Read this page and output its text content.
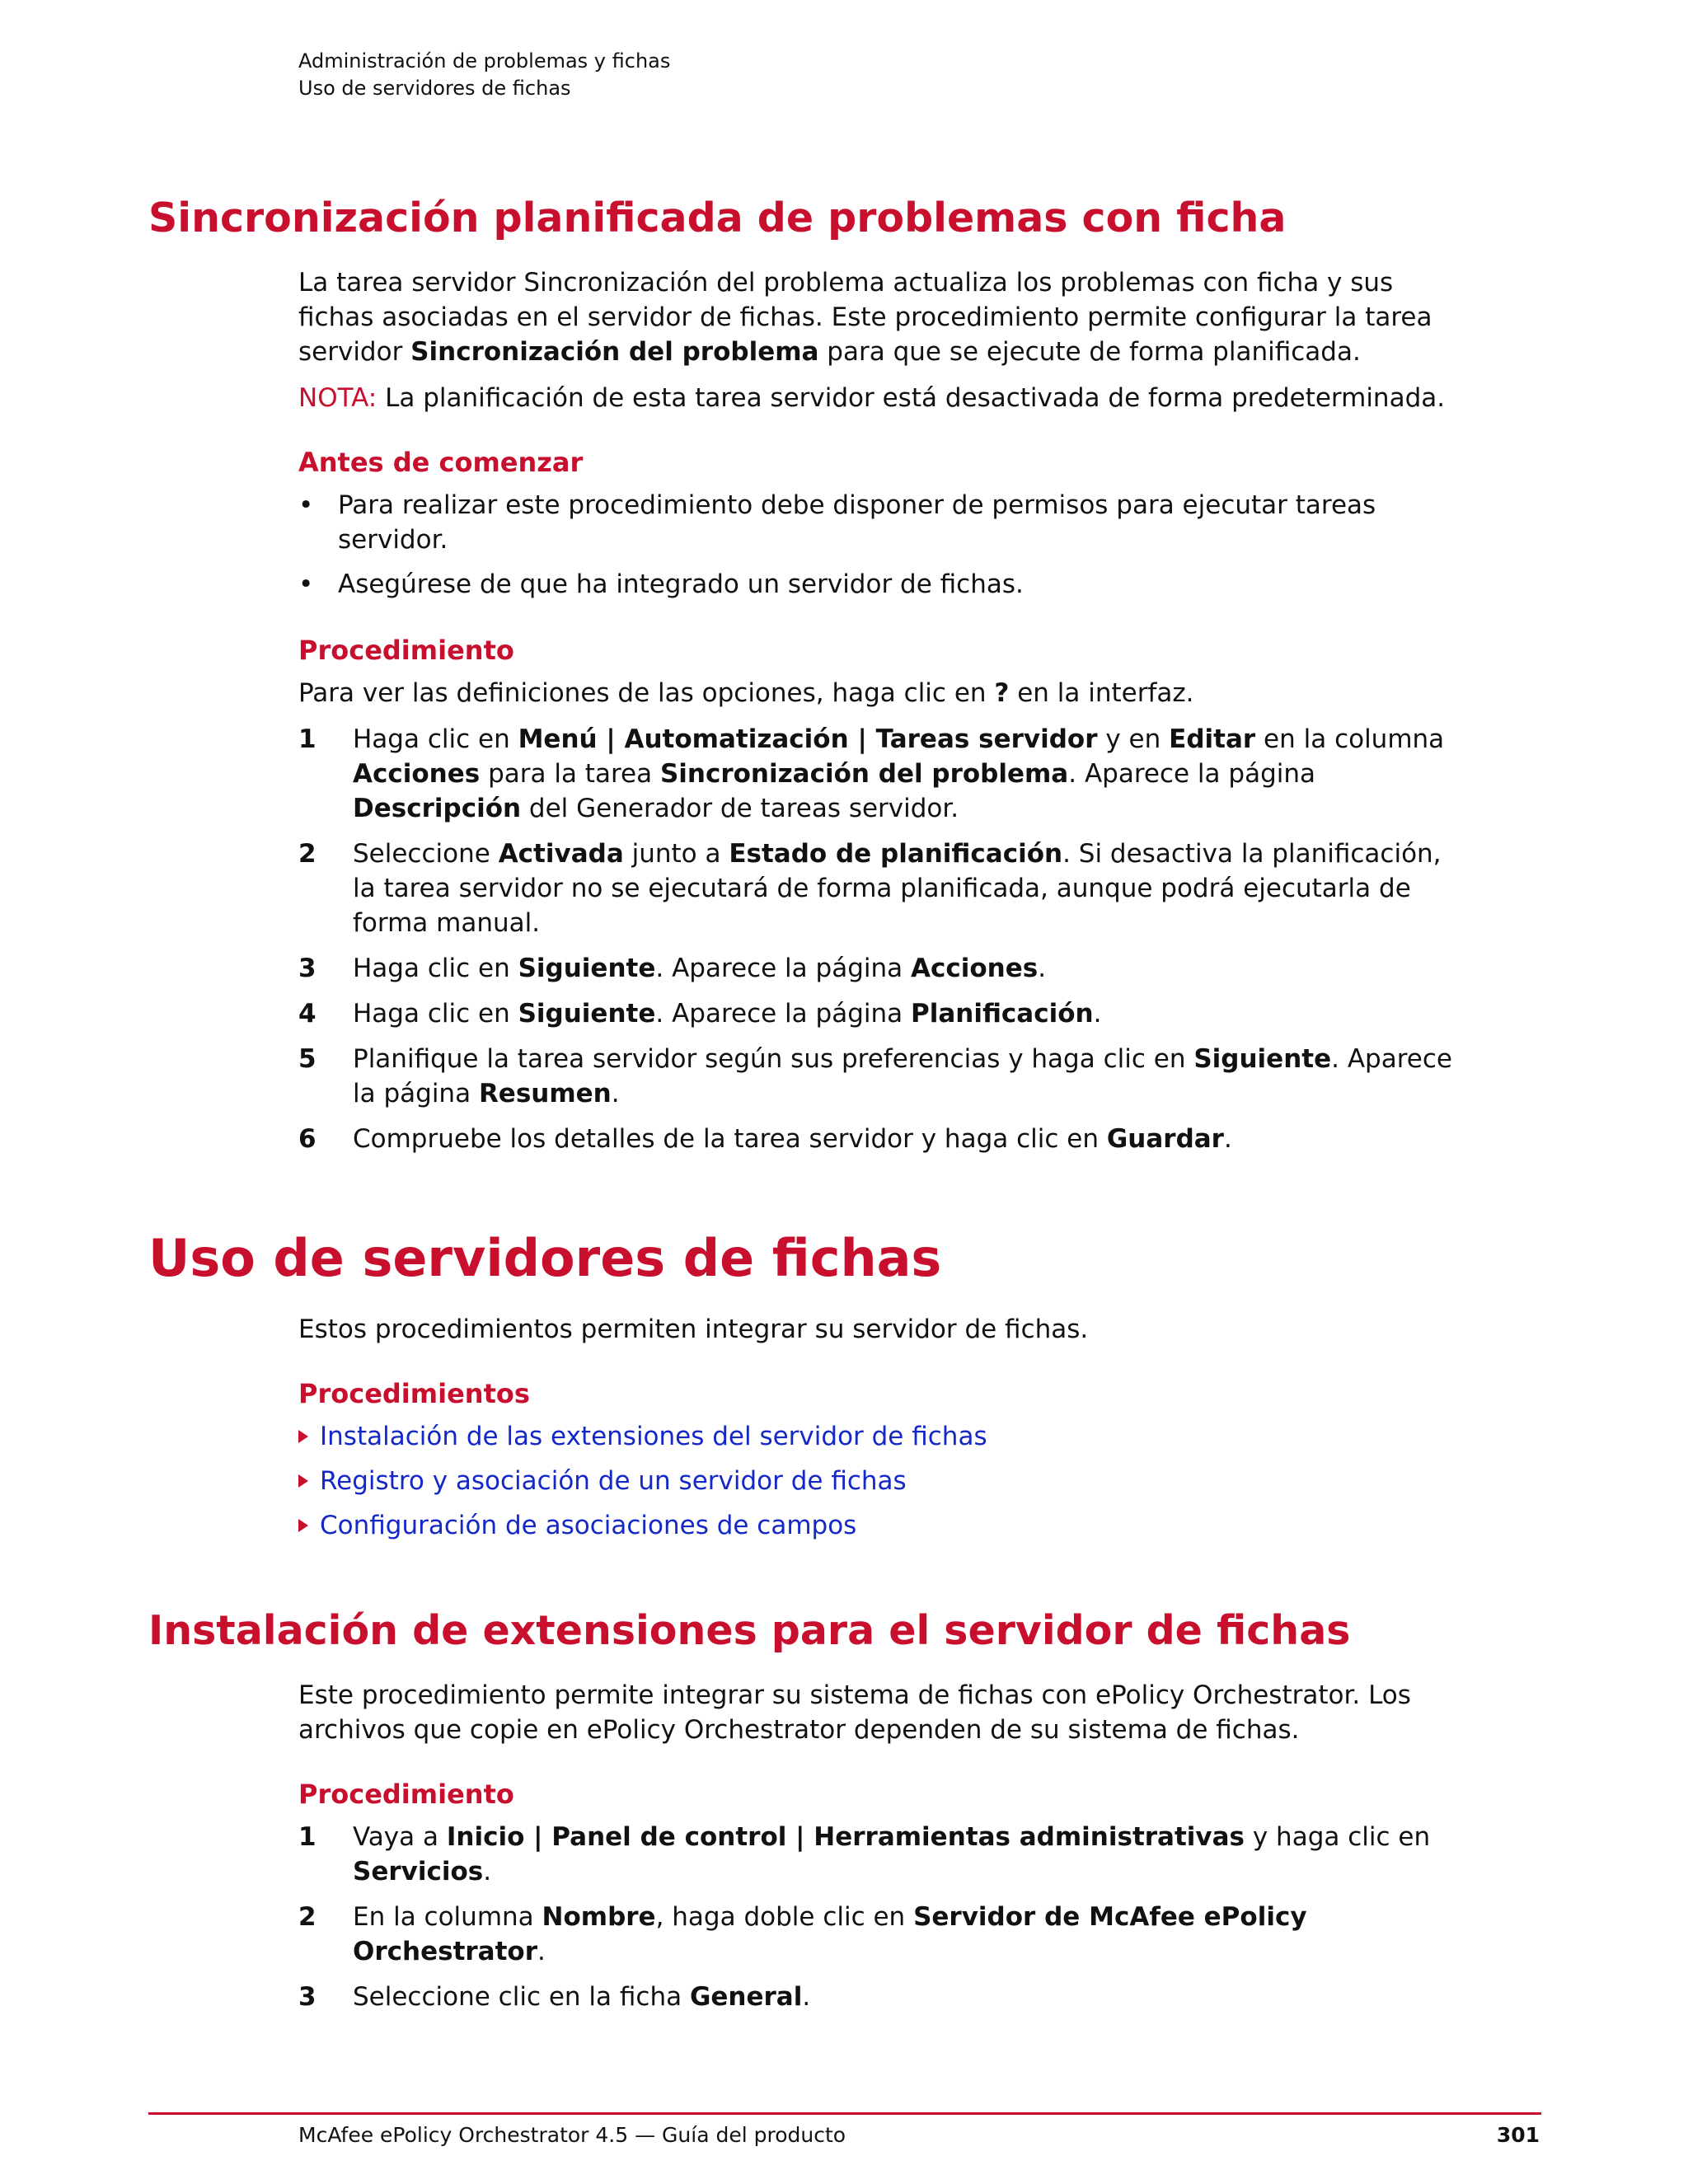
Administración de problemas y fichas
Uso de servidores de fichas
Sincronización planificada de problemas con ficha

La tarea servidor Sincronización del problema actualiza los problemas con ficha y sus fichas asociadas en el servidor de fichas. Este procedimiento permite configurar la tarea servidor Sincronización del problema para que se ejecute de forma planificada.

NOTA: La planificación de esta tarea servidor está desactivada de forma predeterminada.

Antes de comenzar
• Para realizar este procedimiento debe disponer de permisos para ejecutar tareas servidor.
• Asegúrese de que ha integrado un servidor de fichas.
Procedimiento

Para ver las definiciones de las opciones, haga clic en ? en la interfaz.

1	Haga clic en Menú | Automatización | Tareas servidor y en Editar en la columna Acciones para la tarea Sincronización del problema. Aparece la página Descripción del Generador de tareas servidor.
2	Seleccione Activada junto a Estado de planificación. Si desactiva la planificación, la tarea servidor no se ejecutará de forma planificada, aunque podrá ejecutarla de forma manual.
3	Haga clic en Siguiente. Aparece la página Acciones.
4	Haga clic en Siguiente. Aparece la página Planificación.
5	Planifique la tarea servidor según sus preferencias y haga clic en Siguiente. Aparece la página Resumen.
6	Compruebe los detalles de la tarea servidor y haga clic en Guardar.
Uso de servidores de fichas

Estos procedimientos permiten integrar su servidor de fichas.

Procedimientos
Instalación de las extensiones del servidor de fichas
Registro y asociación de un servidor de fichas
Configuración de asociaciones de campos
Instalación de extensiones para el servidor de fichas

Este procedimiento permite integrar su sistema de fichas con ePolicy Orchestrator. Los archivos que copie en ePolicy Orchestrator dependen de su sistema de fichas.

Procedimiento
1	Vaya a Inicio | Panel de control | Herramientas administrativas y haga clic en Servicios.
2	En la columna Nombre, haga doble clic en Servidor de McAfee ePolicy Orchestrator.
3	Seleccione clic en la ficha General.
McAfee ePolicy Orchestrator 4.5 — Guía del producto	301
